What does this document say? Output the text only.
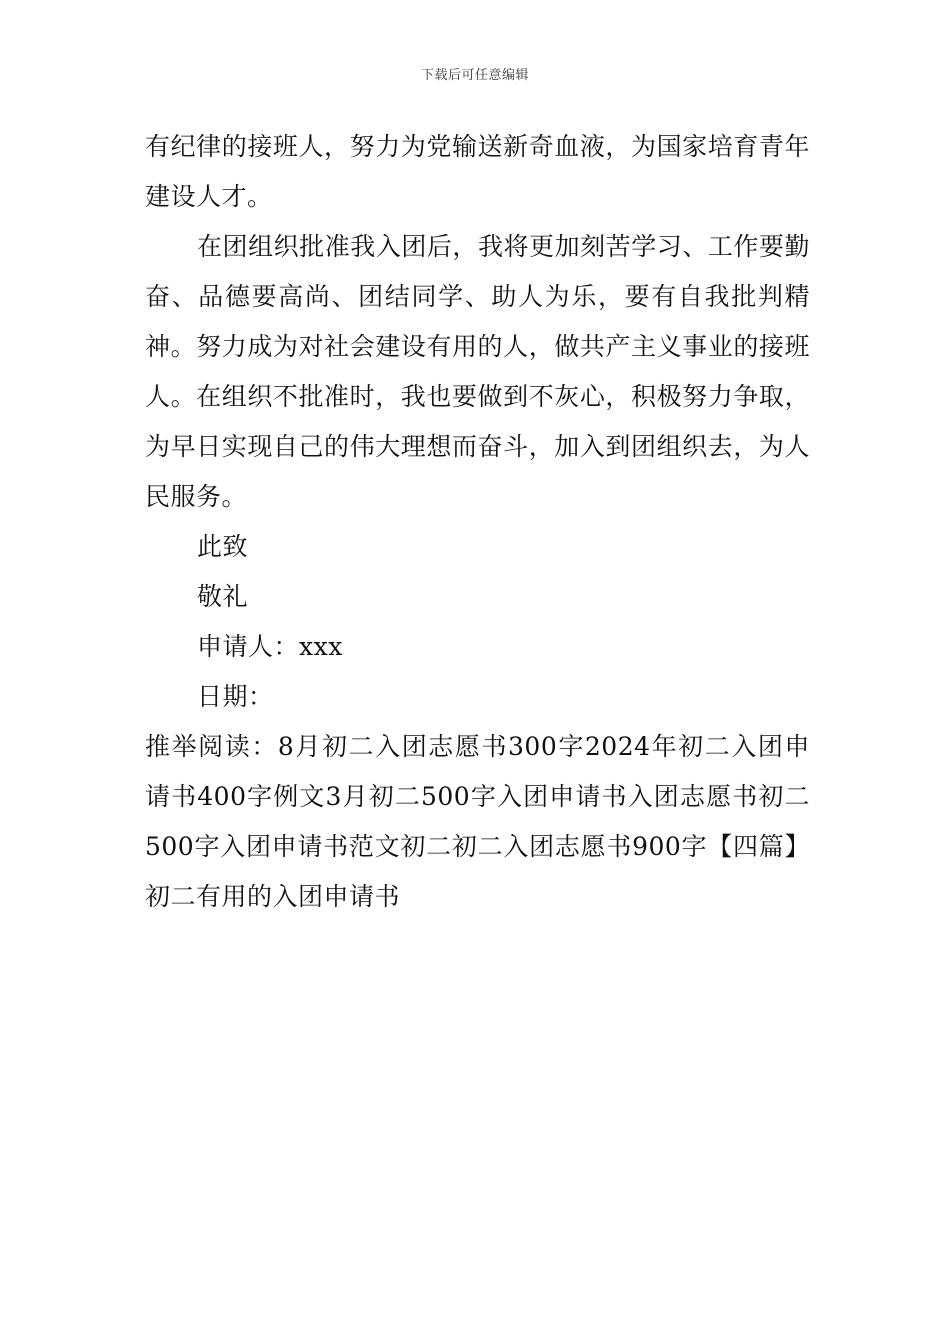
下载后可任意编辑

有纪律的接班人，努力为党输送新奇血液，为国家培育青年建设人才。

在团组织批准我入团后，我将更加刻苦学习、工作要勤奋、品德要高尚、团结同学、助人为乐，要有自我批判精神。努力成为对社会建设有用的人，做共产主义事业的接班人。在组织不批准时，我也要做到不灰心，积极努力争取，为早日实现自己的伟大理想而奋斗，加入到团组织去，为人民服务。

此致

敬礼

申请人：xxx

日期：

推举阅读：8月初二入团志愿书300字2024年初二入团申请书400字例文3月初二500字入团申请书入团志愿书初二500字入团申请书范文初二初二入团志愿书900字【四篇】初二有用的入团申请书
